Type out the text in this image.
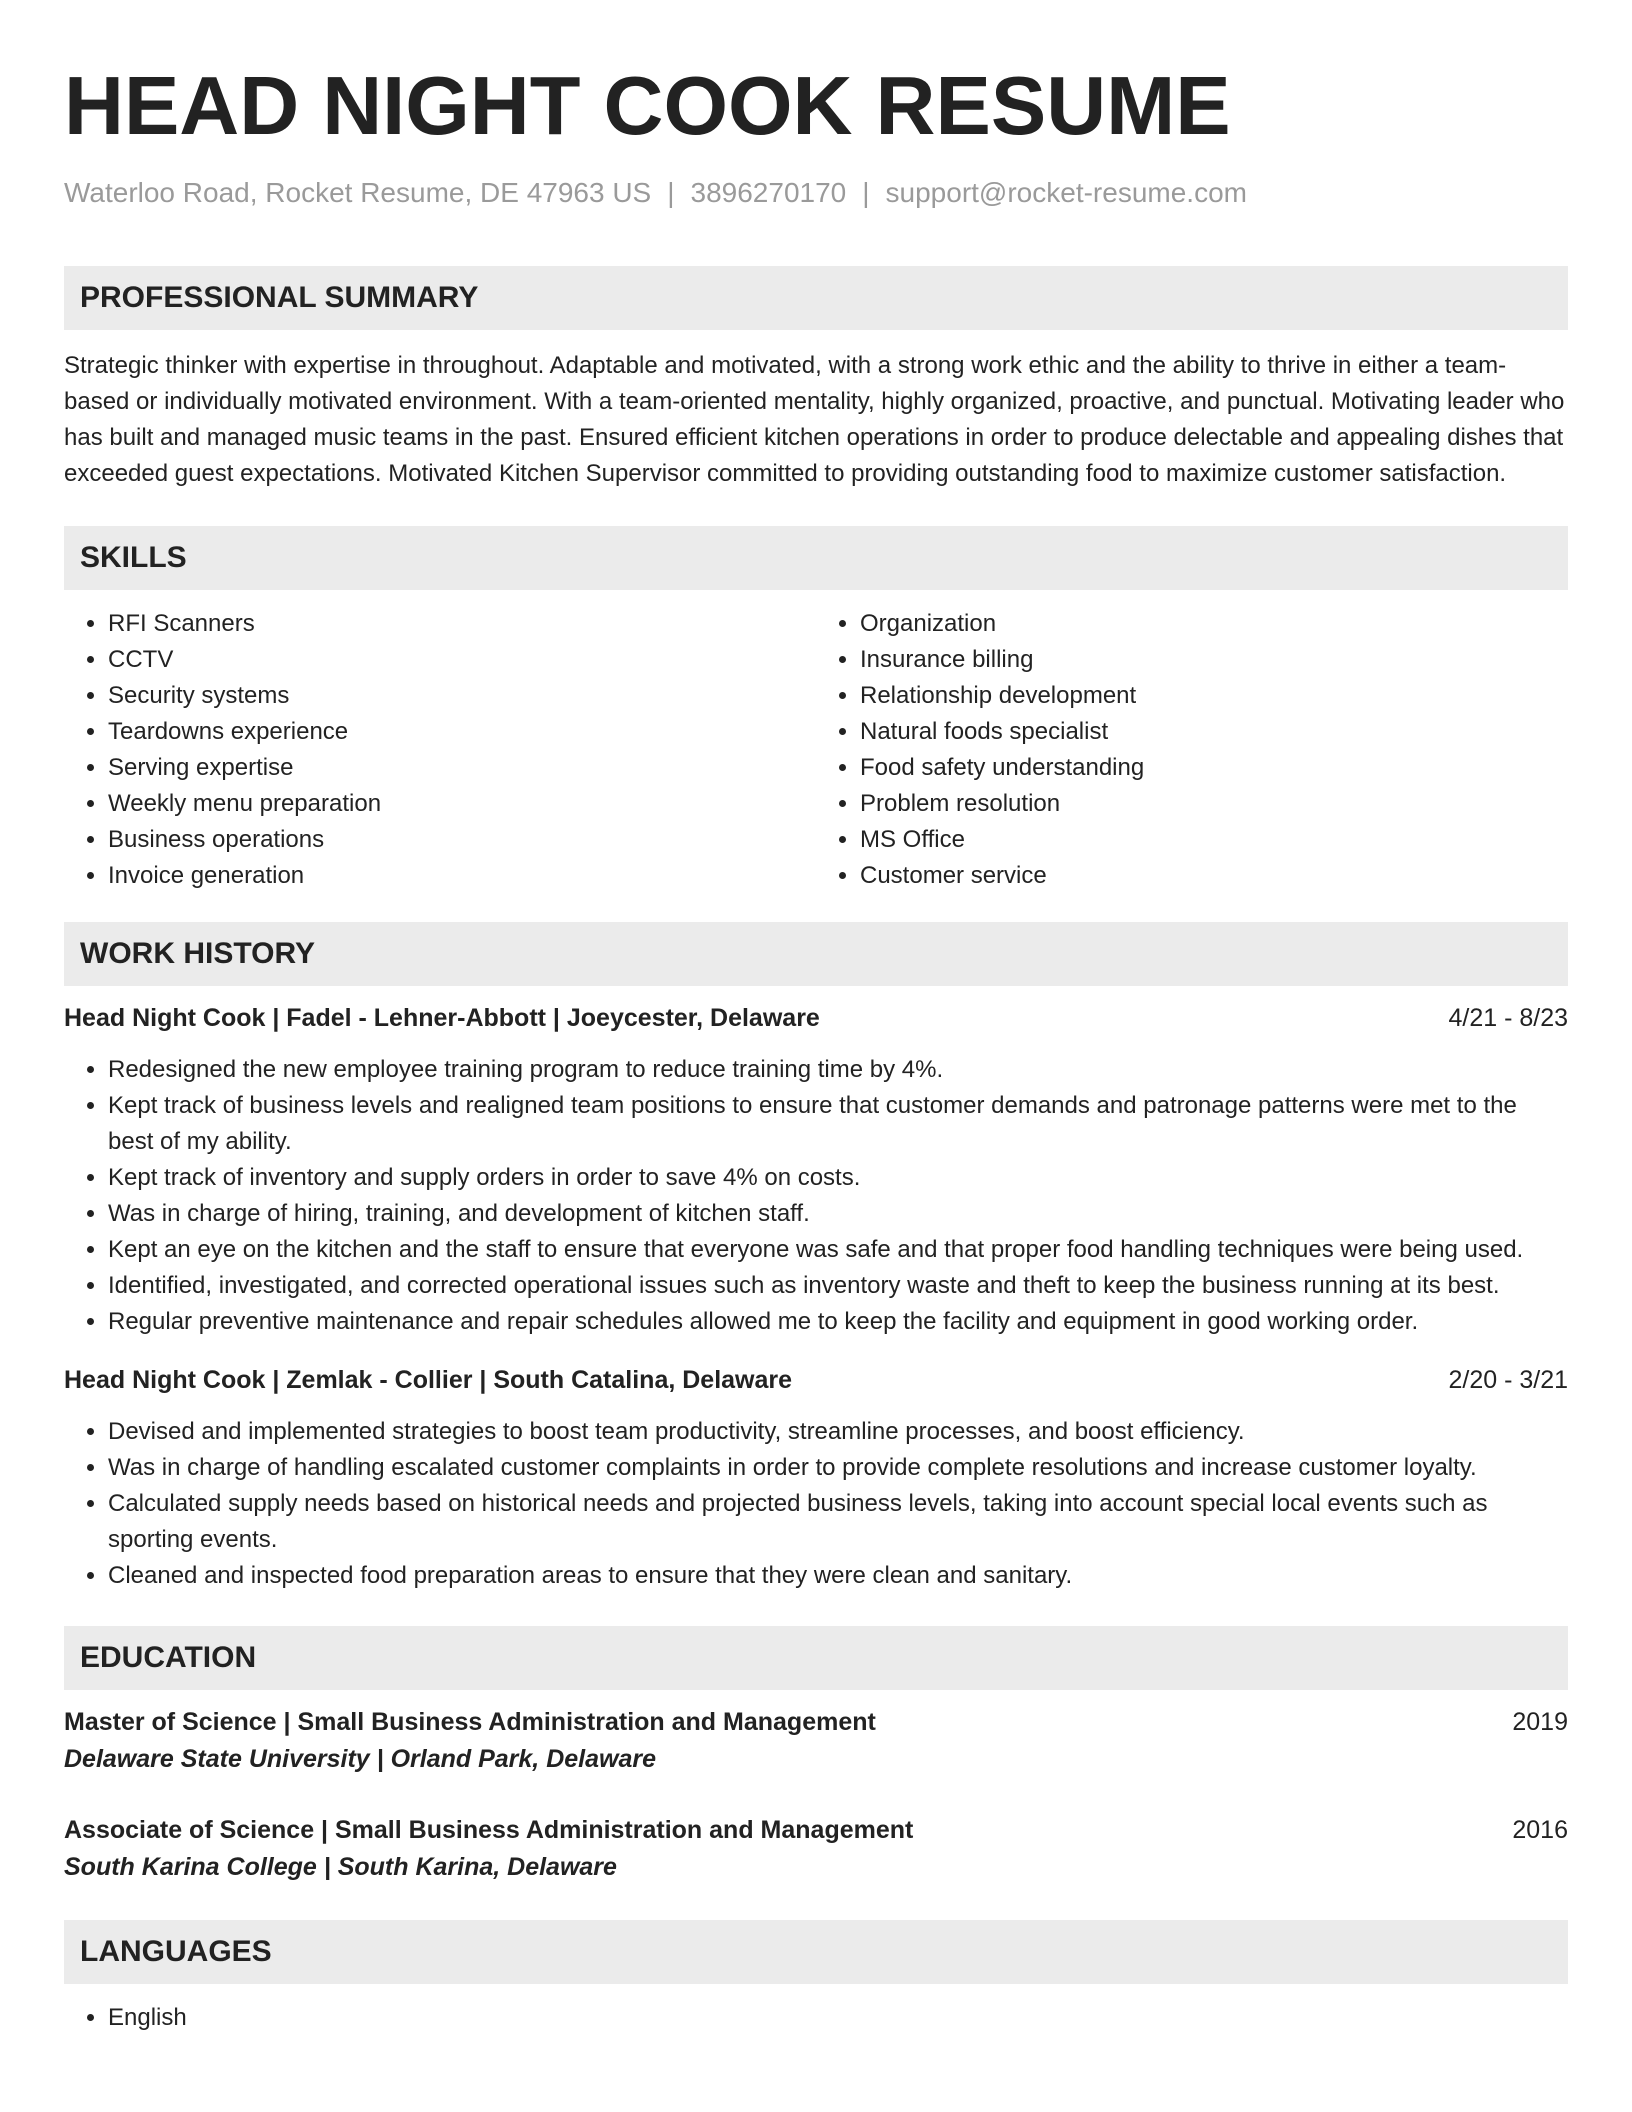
HEAD NIGHT COOK RESUME
Waterloo Road, Rocket Resume, DE 47963 US | 3896270170 | support@rocket-resume.com
PROFESSIONAL SUMMARY

Strategic thinker with expertise in throughout. Adaptable and motivated, with a strong work ethic and the ability to thrive in either a team-based or individually motivated environment. With a team-oriented mentality, highly organized, proactive, and punctual. Motivating leader who has built and managed music teams in the past. Ensured efficient kitchen operations in order to produce delectable and appealing dishes that exceeded guest expectations. Motivated Kitchen Supervisor committed to providing outstanding food to maximize customer satisfaction.

SKILLS
• RFI Scanners
• CCTV
• Security systems
• Teardowns experience
• Serving expertise
• Weekly menu preparation
• Business operations
• Invoice generation
• Organization
• Insurance billing
• Relationship development
• Natural foods specialist
• Food safety understanding
• Problem resolution
• MS Office
• Customer service
WORK HISTORY
Head Night Cook | Fadel - Lehner-Abbott | Joeycester, Delaware	4/21 - 8/23
• Redesigned the new employee training program to reduce training time by 4%.
• Kept track of business levels and realigned team positions to ensure that customer demands and patronage patterns were met to the best of my ability.
• Kept track of inventory and supply orders in order to save 4% on costs.
• Was in charge of hiring, training, and development of kitchen staff.
• Kept an eye on the kitchen and the staff to ensure that everyone was safe and that proper food handling techniques were being used.
• Identified, investigated, and corrected operational issues such as inventory waste and theft to keep the business running at its best.
• Regular preventive maintenance and repair schedules allowed me to keep the facility and equipment in good working order.
Head Night Cook | Zemlak - Collier | South Catalina, Delaware	2/20 - 3/21
• Devised and implemented strategies to boost team productivity, streamline processes, and boost efficiency.
• Was in charge of handling escalated customer complaints in order to provide complete resolutions and increase customer loyalty.
• Calculated supply needs based on historical needs and projected business levels, taking into account special local events such as sporting events.
• Cleaned and inspected food preparation areas to ensure that they were clean and sanitary.
EDUCATION
Master of Science | Small Business Administration and Management	2019
Delaware State University | Orland Park, Delaware
Associate of Science | Small Business Administration and Management	2016
South Karina College | South Karina, Delaware
LANGUAGES
• English
